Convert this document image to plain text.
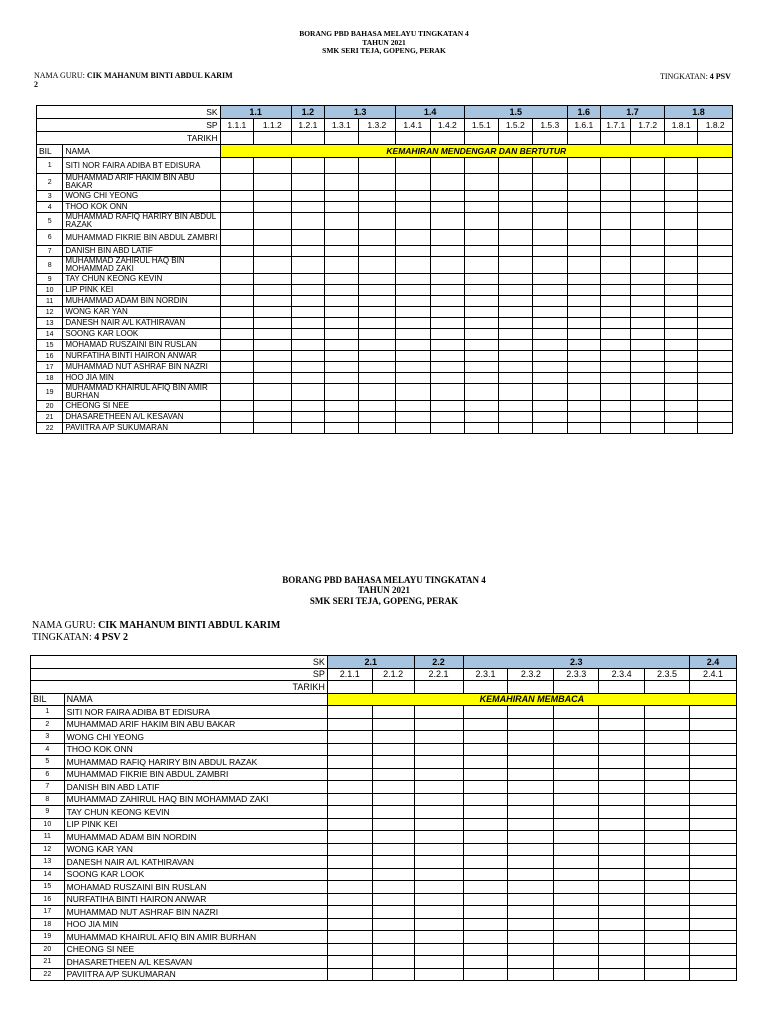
BORANG PBD BAHASA MELAYU TINGKATAN 4
TAHUN 2021
SMK SERI TEJA, GOPENG, PERAK
NAMA GURU: CIK MAHANUM BINTI ABDUL KARIM
2
TINGKATAN: 4 PSV
SK		1.1		1.2	1.3		1.4		1.5			1.6	1.7		1.8	
SP		1.1.1	1.1.2	1.2.1	1.3.1	1.3.2	1.4.1	1.4.2	1.5.1	1.5.2	1.5.3	1.6.1	1.7.1	1.7.2	1.8.1	1.8.2
TARIKH																
BIL	NAMA	KEMAHIRAN MENDENGAR DAN BERTUTUR														
1	SITI NOR FAIRA ADIBA BT EDISURA															
2	MUHAMMAD ARIF HAKIM BIN ABU BAKAR															
3	WONG CHI YEONG															
4	THOO KOK ONN															
5	MUHAMMAD RAFIQ HARIRY BIN ABDUL RAZAK															
6	MUHAMMAD FIKRIE BIN ABDUL ZAMBRI															
7	DANISH BIN ABD LATIF															
8	MUHAMMAD ZAHIRUL HAQ BIN MOHAMMAD ZAKI															
9	TAY CHUN KEONG KEVIN															
10	LIP PINK KEI															
11	MUHAMMAD ADAM BIN NORDIN															
12	WONG KAR YAN															
13	DANESH NAIR A/L KATHIRAVAN															
14	SOONG KAR LOOK															
15	MOHAMAD RUSZAINI BIN RUSLAN															
16	NURFATIHA BINTI HAIRON ANWAR															
17	MUHAMMAD NUT ASHRAF BIN NAZRI															
18	HOO JIA MIN															
19	MUHAMMAD KHAIRUL AFIQ BIN AMIR BURHAN															
20	CHEONG SI NEE															
21	DHASARETHEEN A/L KESAVAN															
22	PAVIITRA A/P SUKUMARAN															
BORANG PBD BAHASA MELAYU TINGKATAN 4
TAHUN 2021
SMK SERI TEJA, GOPENG, PERAK
NAMA GURU: CIK MAHANUM BINTI ABDUL KARIM
TINGKATAN: 4 PSV 2
SK		2.1		2.2	2.3					2.4
SP		2.1.1	2.1.2	2.2.1	2.3.1	2.3.2	2.3.3	2.3.4	2.3.5	2.4.1
TARIKH										
BIL	NAMA	KEMAHIRAN MEMBACA								
1	SITI NOR FAIRA ADIBA BT EDISURA									
2	MUHAMMAD ARIF HAKIM BIN ABU BAKAR									
3	WONG CHI YEONG									
4	THOO KOK ONN									
5	MUHAMMAD RAFIQ HARIRY BIN ABDUL RAZAK									
6	MUHAMMAD FIKRIE BIN ABDUL ZAMBRI									
7	DANISH BIN ABD LATIF									
8	MUHAMMAD ZAHIRUL HAQ BIN MOHAMMAD ZAKI									
9	TAY CHUN KEONG KEVIN									
10	LIP PINK KEI									
11	MUHAMMAD ADAM BIN NORDIN									
12	WONG KAR YAN									
13	DANESH NAIR A/L KATHIRAVAN									
14	SOONG KAR LOOK									
15	MOHAMAD RUSZAINI BIN RUSLAN									
16	NURFATIHA BINTI HAIRON ANWAR									
17	MUHAMMAD NUT ASHRAF BIN NAZRI									
18	HOO JIA MIN									
19	MUHAMMAD KHAIRUL AFIQ BIN AMIR BURHAN									
20	CHEONG SI NEE									
21	DHASARETHEEN A/L KESAVAN									
22	PAVIITRA A/P SUKUMARAN									
